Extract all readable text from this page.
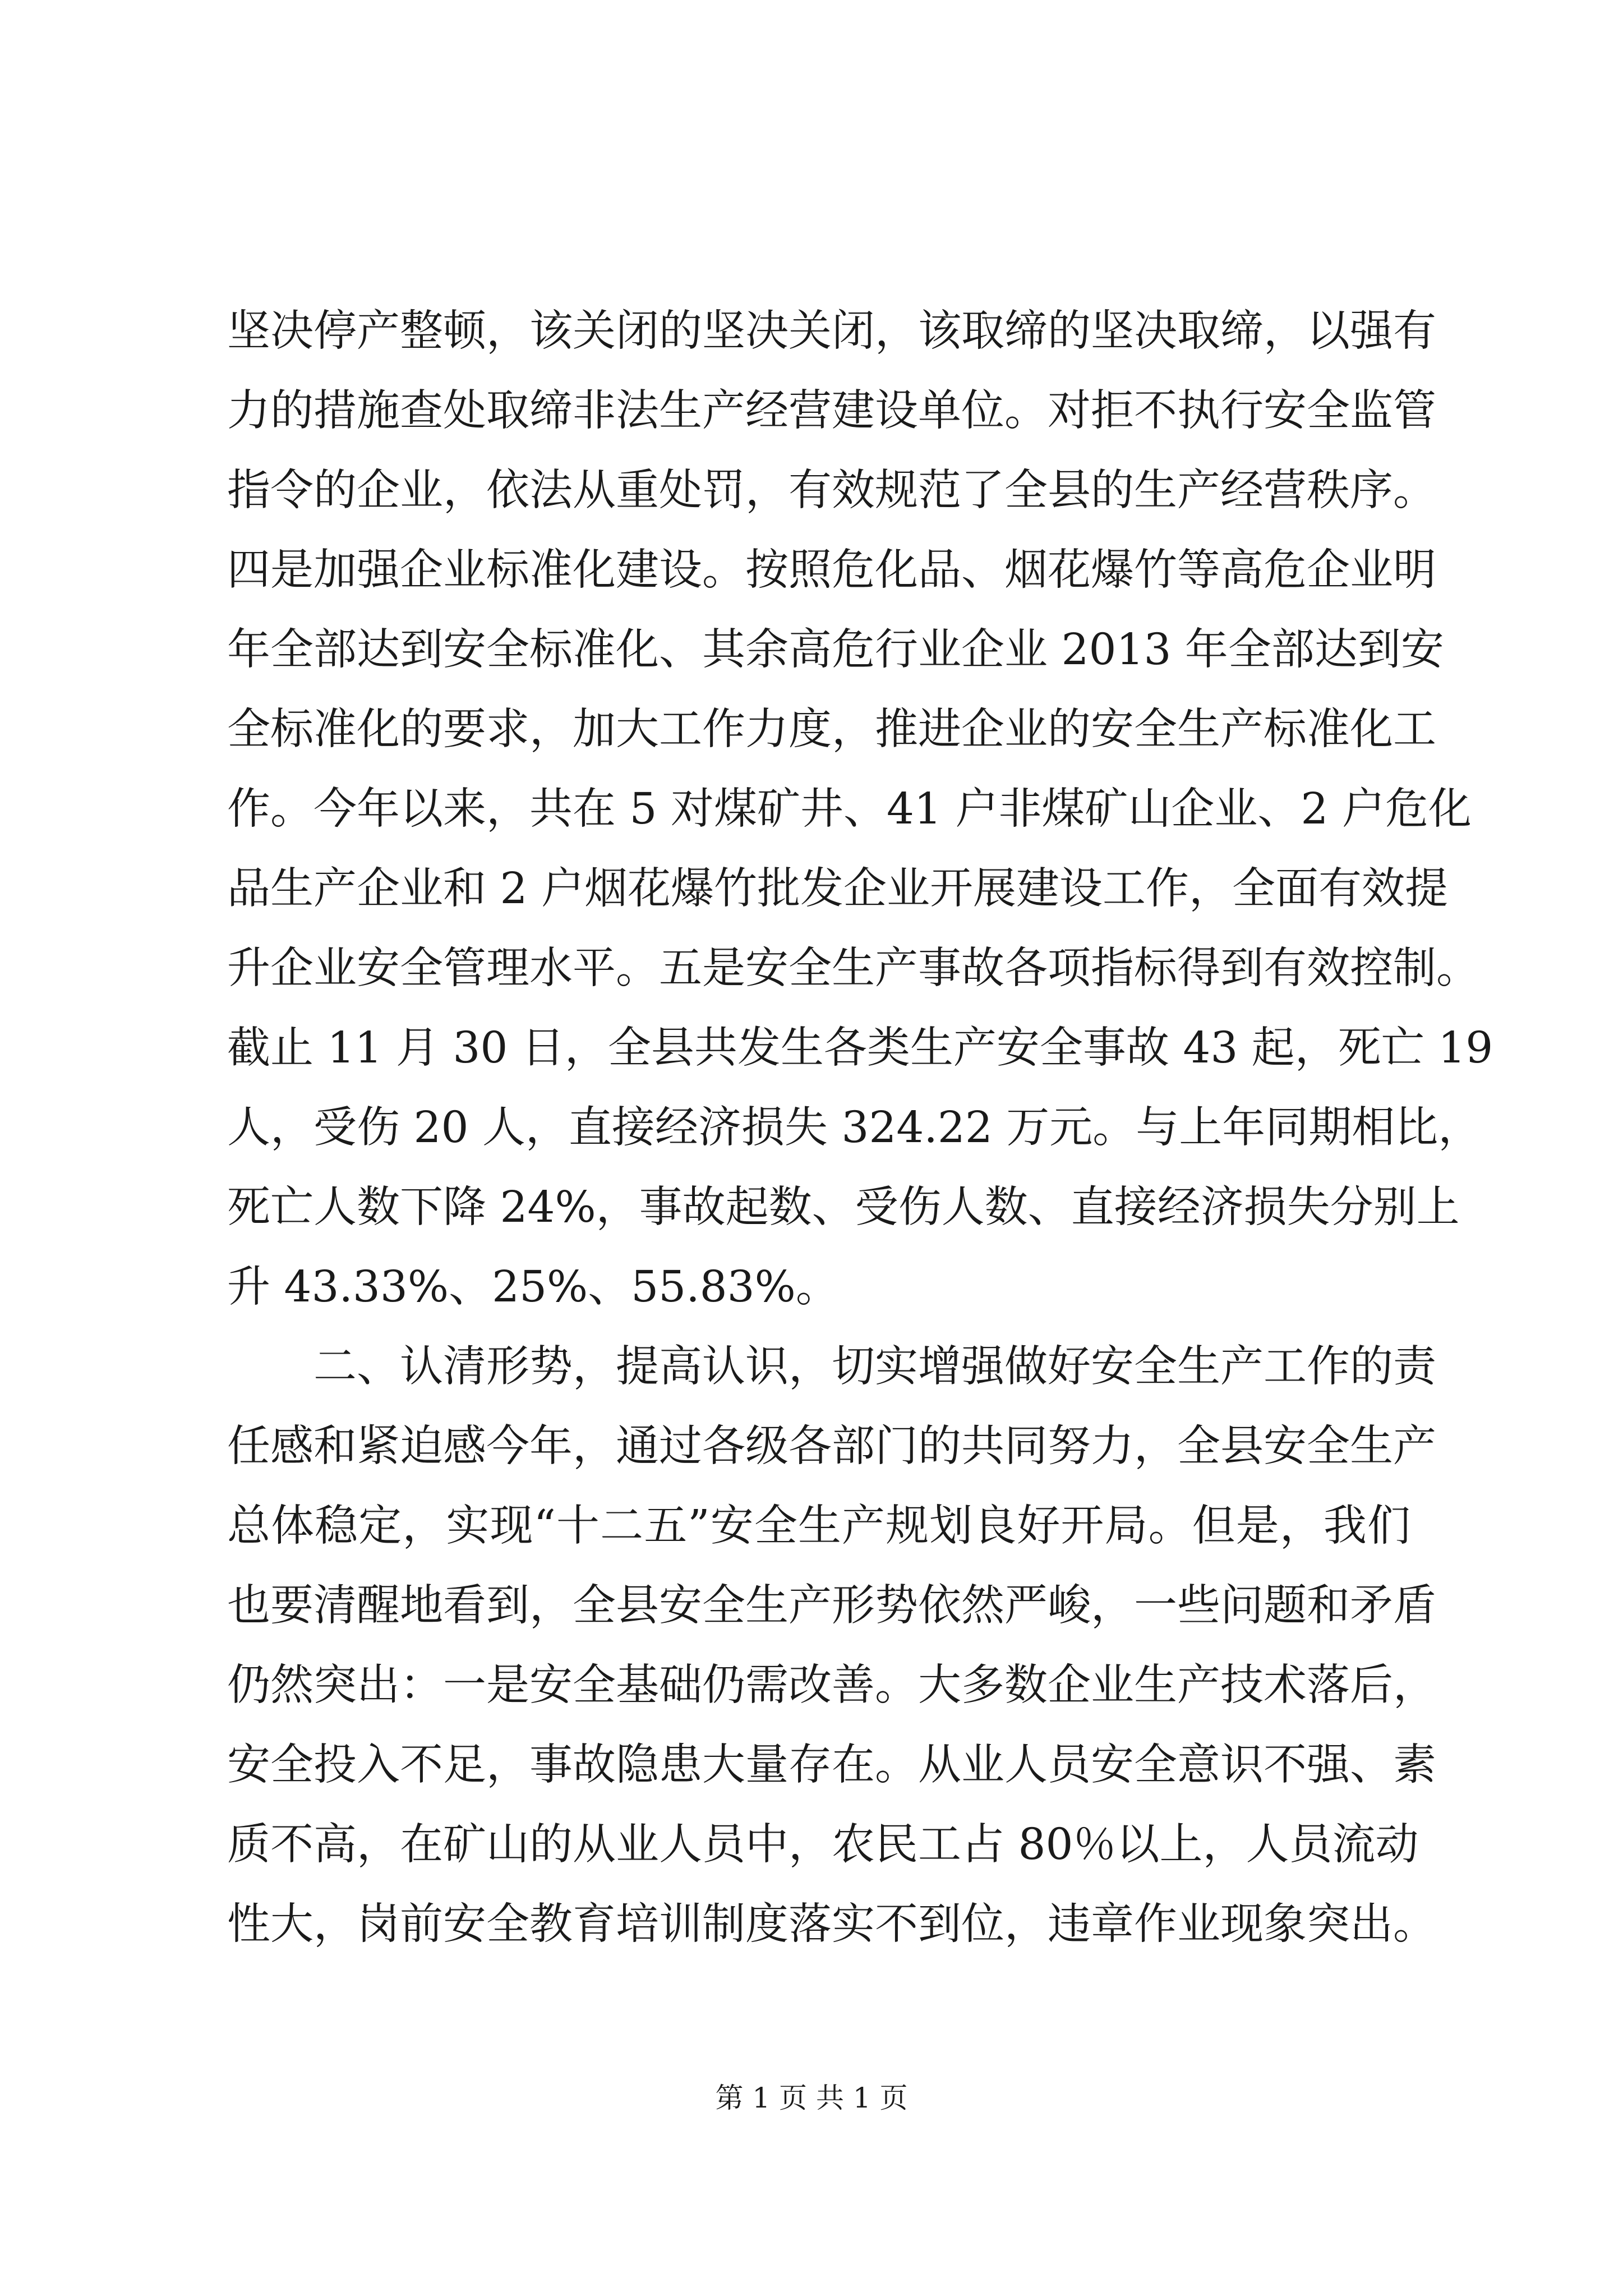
坚决停产整顿，该关闭的坚决关闭，该取缔的坚决取缔，以强有
力的措施查处取缔非法生产经营建设单位。对拒不执行安全监管
指令的企业，依法从重处罚，有效规范了全县的生产经营秩序。
四是加强企业标准化建设。按照危化品、烟花爆竹等高危企业明
年全部达到安全标准化、其余高危行业企业 2013 年全部达到安
全标准化的要求，加大工作力度，推进企业的安全生产标准化工
作。今年以来，共在 5 对煤矿井、41 户非煤矿山企业、2 户危化
品生产企业和 2 户烟花爆竹批发企业开展建设工作，全面有效提
升企业安全管理水平。五是安全生产事故各项指标得到有效控制。
截止 11 月 30 日，全县共发生各类生产安全事故 43 起，死亡 19
人，受伤 20 人，直接经济损失 324.22 万元。与上年同期相比，
死亡人数下降 24%，事故起数、受伤人数、直接经济损失分别上
升 43.33%、25%、55.83%。
　　二、认清形势，提高认识，切实增强做好安全生产工作的责
任感和紧迫感今年，通过各级各部门的共同努力，全县安全生产
总体稳定，实现“十二五”安全生产规划良好开局。但是，我们
也要清醒地看到，全县安全生产形势依然严峻，一些问题和矛盾
仍然突出：一是安全基础仍需改善。大多数企业生产技术落后，
安全投入不足，事故隐患大量存在。从业人员安全意识不强、素
质不高，在矿山的从业人员中，农民工占 80％以上，人员流动
性大，岗前安全教育培训制度落实不到位，违章作业现象突出。
第 1 页 共 1 页
